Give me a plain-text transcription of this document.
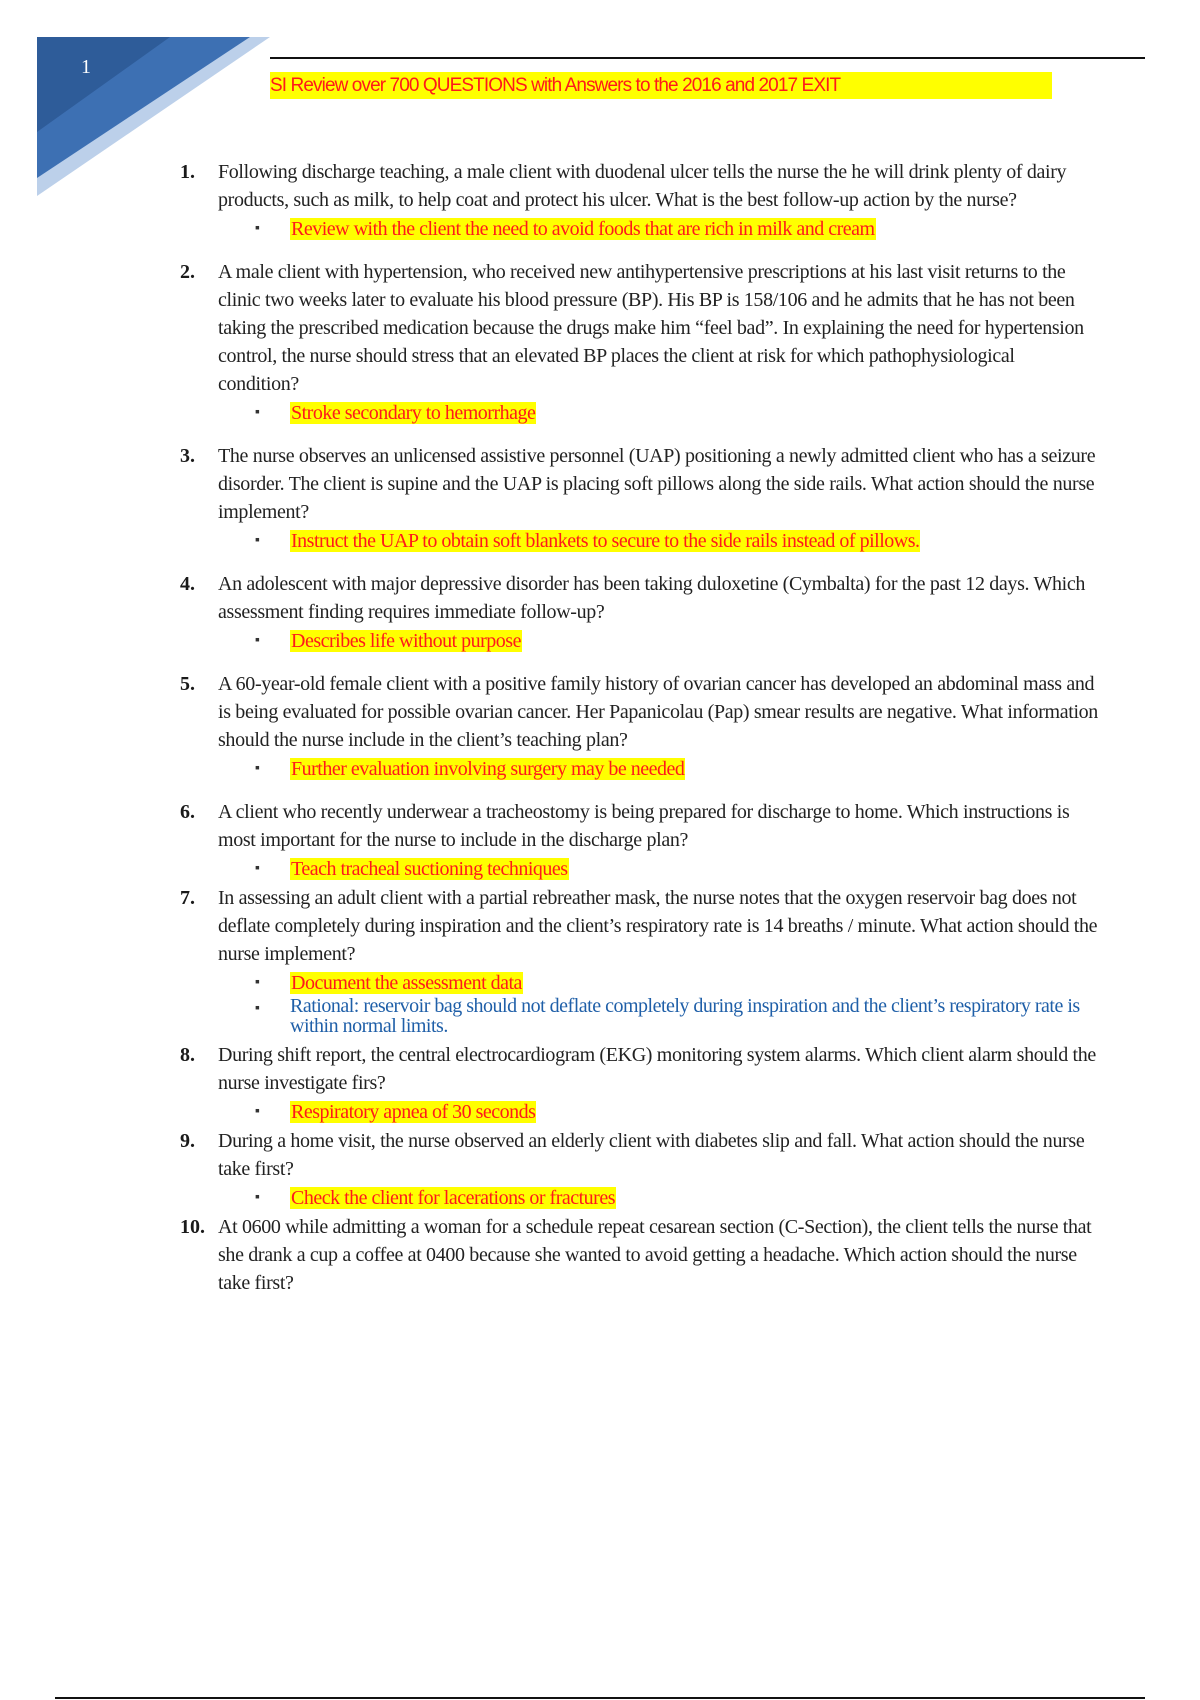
1
SI Review over 700 QUESTIONS with Answers to the 2016 and 2017 EXIT
1. Following discharge teaching, a male client with duodenal ulcer tells the nurse the he will drink plenty of dairy products, such as milk, to help coat and protect his ulcer. What is the best follow-up action by the nurse?
▪ Review with the client the need to avoid foods that are rich in milk and cream
2. A male client with hypertension, who received new antihypertensive prescriptions at his last visit returns to the clinic two weeks later to evaluate his blood pressure (BP). His BP is 158/106 and he admits that he has not been taking the prescribed medication because the drugs make him “feel bad”. In explaining the need for hypertension control, the nurse should stress that an elevated BP places the client at risk for which pathophysiological condition?
▪ Stroke secondary to hemorrhage
3. The nurse observes an unlicensed assistive personnel (UAP) positioning a newly admitted client who has a seizure disorder. The client is supine and the UAP is placing soft pillows along the side rails. What action should the nurse implement?
▪ Instruct the UAP to obtain soft blankets to secure to the side rails instead of pillows.
4. An adolescent with major depressive disorder has been taking duloxetine (Cymbalta) for the past 12 days. Which assessment finding requires immediate follow-up?
▪ Describes life without purpose
5. A 60-year-old female client with a positive family history of ovarian cancer has developed an abdominal mass and is being evaluated for possible ovarian cancer. Her Papanicolau (Pap) smear results are negative. What information should the nurse include in the client’s teaching plan?
▪ Further evaluation involving surgery may be needed
6. A client who recently underwear a tracheostomy is being prepared for discharge to home. Which instructions is most important for the nurse to include in the discharge plan?
▪ Teach tracheal suctioning techniques
7. In assessing an adult client with a partial rebreather mask, the nurse notes that the oxygen reservoir bag does not deflate completely during inspiration and the client’s respiratory rate is 14 breaths / minute. What action should the nurse implement?
▪ Document the assessment data
▪ Rational: reservoir bag should not deflate completely during inspiration and the client’s respiratory rate is within normal limits.
8. During shift report, the central electrocardiogram (EKG) monitoring system alarms. Which client alarm should the nurse investigate firs?
▪ Respiratory apnea of 30 seconds
9. During a home visit, the nurse observed an elderly client with diabetes slip and fall. What action should the nurse take first?
▪ Check the client for lacerations or fractures
10. At 0600 while admitting a woman for a schedule repeat cesarean section (C-Section), the client tells the nurse that she drank a cup a coffee at 0400 because she wanted to avoid getting a headache. Which action should the nurse take first?
